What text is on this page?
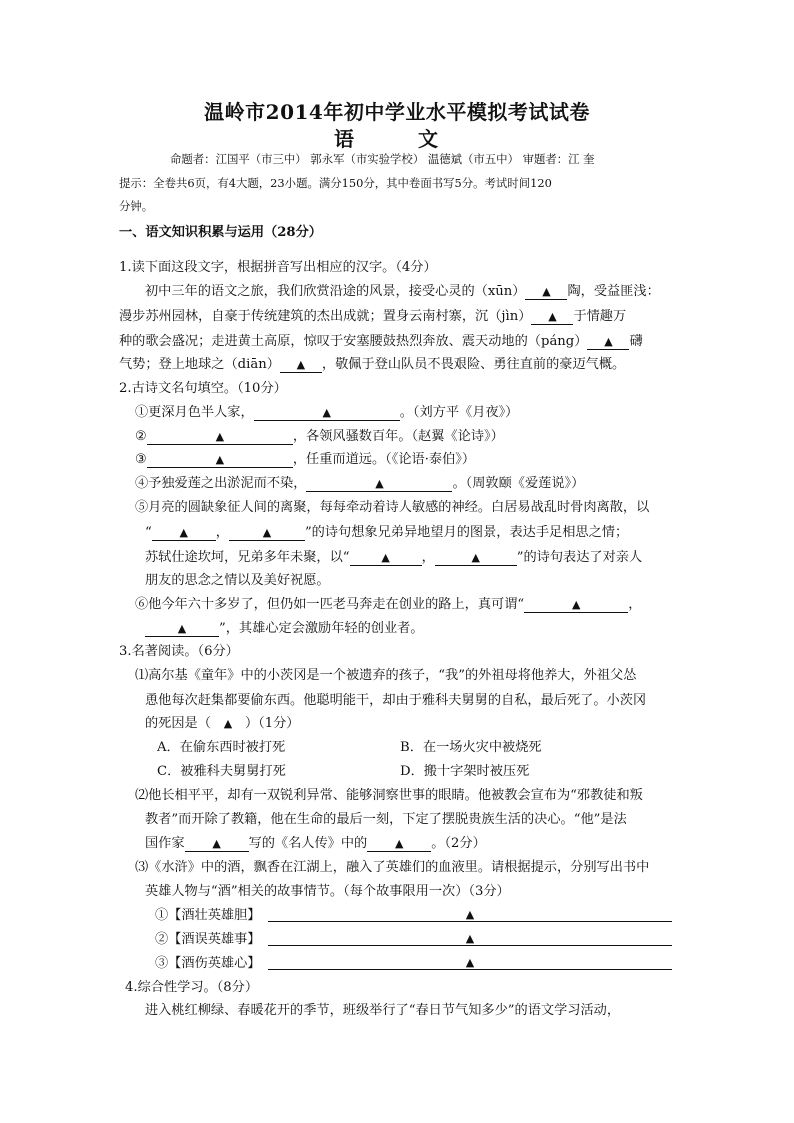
温岭市2014年初中学业水平模拟考试试卷
语　文
命题者：江国平（市三中） 郭永军（市实验学校） 温德斌（市五中） 审题者：江 奎
提示：全卷共6页，有4大题，23小题。满分150分，其中卷面书写5分。考试时间120
分钟。
一、语文知识积累与运用（28分）
1.读下面这段文字，根据拼音写出相应的汉字。（4分）
初中三年的语文之旅，我们欣赏沿途的风景，接受心灵的（xūn） ▲ 陶，受益匪浅：
漫步苏州园林，自豪于传统建筑的杰出成就；置身云南村寨，沉（jìn） ▲ 于情趣万
种的歌会盛况；走进黄土高原，惊叹于安塞腰鼓热烈奔放、震天动地的（páng） ▲ 礴
气势；登上地球之（diān） ▲ ，敬佩于登山队员不畏艰险、勇往直前的豪迈气概。
2.古诗文名句填空。（10分）
①更深月色半人家，	▲	。（刘方平《月夜》）
②	▲	，各领风骚数百年。（赵翼《论诗》）
③	▲	，任重而道远。（《论语·泰伯》）
④予独爱莲之出淤泥而不染，	▲	。（周敦颐《爱莲说》）
⑤月亮的圆缺象征人间的离聚，每每牵动着诗人敏感的神经。白居易战乱时骨肉离散，以
“	▲ ，	▲	”的诗句想象兄弟异地望月的图景，表达手足相思之情；
苏轼仕途坎坷，兄弟多年未聚，以“	▲ ，	▲	”的诗句表达了对亲人
朋友的思念之情以及美好祝愿。
⑥他今年六十多岁了，但仍如一匹老马奔走在创业的路上，真可谓“	▲	，
▲ ”，其雄心定会激励年轻的创业者。
3.名著阅读。（6分）
⑴高尔基《童年》中的小茨冈是一个被遗弃的孩子，“我”的外祖母将他养大，外祖父怂
恿他每次赶集都要偷东西。他聪明能干，却由于雅科夫舅舅的自私，最后死了。小茨冈
的死因是（ ▲ ）（1分）
A．在偷东西时被打死	B．在一场火灾中被烧死
C．被雅科夫舅舅打死	D．搬十字架时被压死
⑵他长相平平，却有一双锐利异常、能够洞察世事的眼睛。他被教会宣布为“邪教徒和叛
教者”而开除了教籍，他在生命的最后一刻，下定了摆脱贵族生活的决心。“他”是法
国作家	▲ 写的《名人传》中的	▲ 。（2分）
⑶《水浒》中的酒，飘香在江湖上，融入了英雄们的血液里。请根据提示，分别写出书中
英雄人物与“酒”相关的故事情节。（每个故事限用一次）（3分）
①【酒壮英雄胆】	▲
②【酒误英雄事】	▲
③【酒伤英雄心】	▲
4.综合性学习。（8分）
进入桃红柳绿、春暖花开的季节，班级举行了“春日节气知多少”的语文学习活动，
